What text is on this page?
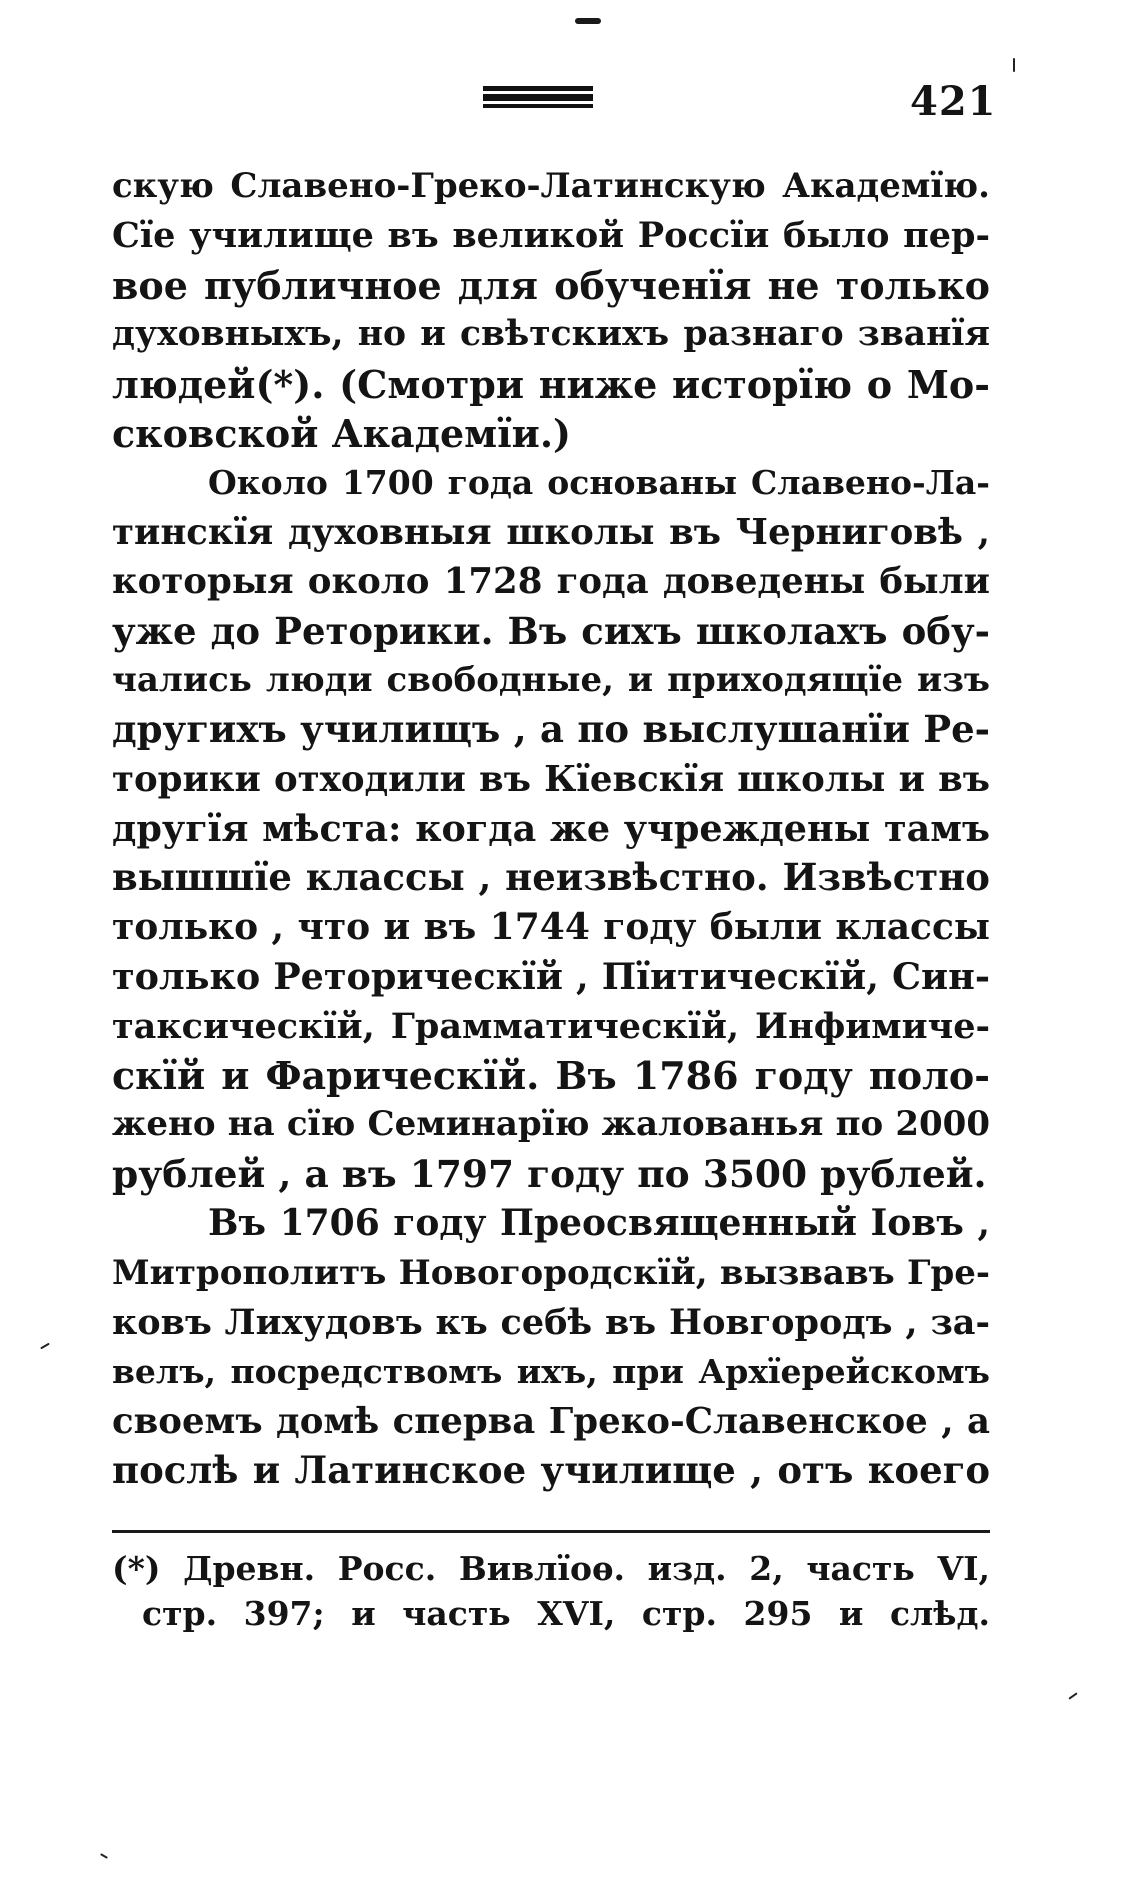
421
скую Славено-Греко-Латинскую Академїю.
Сїе училище въ великой Россїи было пер-
вое публичное для обученїя не только
духовныхъ, но и свѣтскихъ разнаго званїя
людей(*). (Смотри ниже исторїю о Мо-
сковской Академїи.)
Около 1700 года основаны Славено-Ла-
тинскїя духовныя школы въ Черниговѣ ,
которыя около 1728 года доведены были
уже до Реторики. Въ сихъ школахъ обу-
чались люди свободные, и приходящїе изъ
другихъ училищъ , а по выслушанїи Ре-
торики отходили въ Кїевскїя школы и въ
другїя мѣста: когда же учреждены тамъ
вышшїе классы , неизвѣстно. Извѣстно
только , что и въ 1744 году были классы
только Реторическїй , Пїитическїй, Син-
таксическїй, Грамматическїй, Инфимиче-
скїй и Фарическїй. Въ 1786 году поло-
жено на сїю Семинарїю жалованья по 2000
рублей , а въ 1797 году по 3500 рублей.
Въ 1706 году Преосвященный Iовъ ,
Митрополитъ Новогородскїй, вызвавъ Гре-
ковъ Лихудовъ къ себѣ въ Новгородъ , за-
велъ, посредствомъ ихъ, при Архїерейскомъ
своемъ домѣ сперва Греко-Славенское , а
послѣ и Латинское училище , отъ коего
(*) Древн. Росс. Вивлїоѳ. изд. 2, часть VI,
стр. 397; и часть XVI, стр. 295 и слѣд.
